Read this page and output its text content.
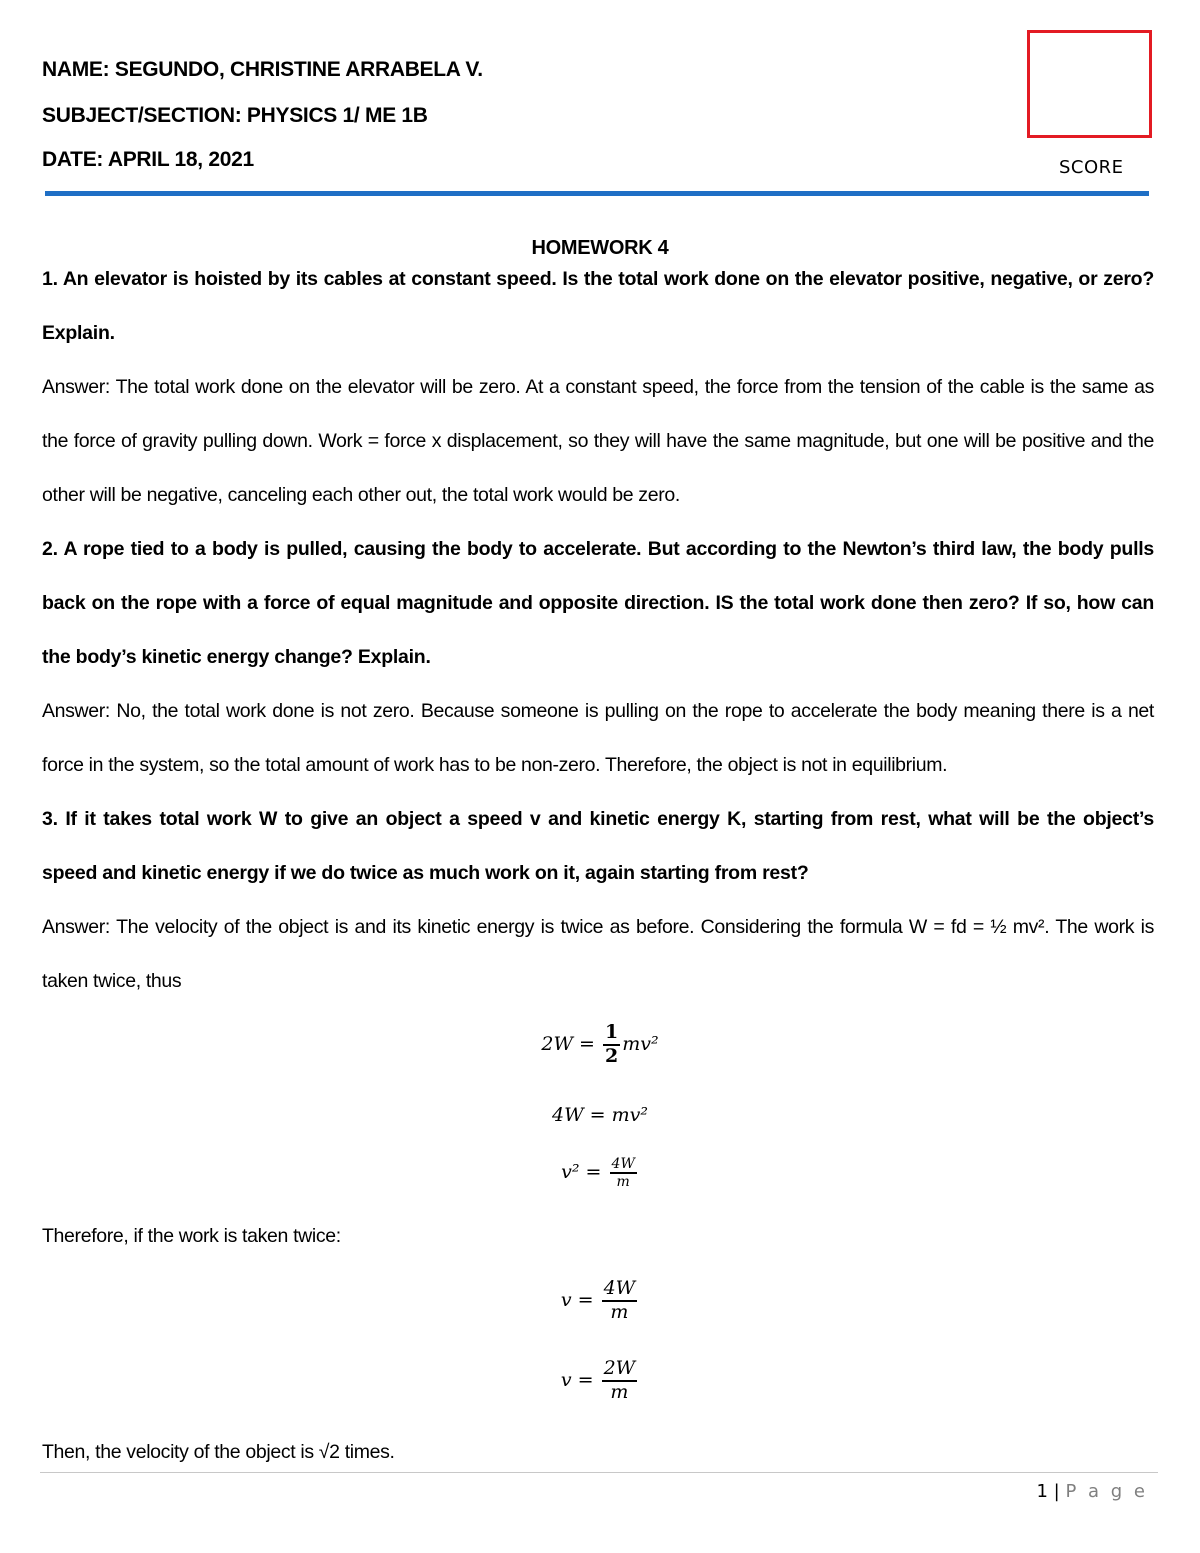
NAME: SEGUNDO, CHRISTINE ARRABELA V.
SUBJECT/SECTION: PHYSICS 1/ ME 1B
DATE: APRIL 18, 2021	SCORE
HOMEWORK 4
1. An elevator is hoisted by its cables at constant speed. Is the total work done on the elevator positive, negative, or zero? Explain.
Answer: The total work done on the elevator will be zero. At a constant speed, the force from the tension of the cable is the same as the force of gravity pulling down. Work = force x displacement, so they will have the same magnitude, but one will be positive and the other will be negative, canceling each other out, the total work would be zero.
2. A rope tied to a body is pulled, causing the body to accelerate. But according to the Newton’s third law, the body pulls back on the rope with a force of equal magnitude and opposite direction. IS the total work done then zero? If so, how can the body’s kinetic energy change? Explain.
Answer: No, the total work done is not zero. Because someone is pulling on the rope to accelerate the body meaning there is a net force in the system, so the total amount of work has to be non-zero. Therefore, the object is not in equilibrium.
3. If it takes total work W to give an object a speed v and kinetic energy K, starting from rest, what will be the object’s speed and kinetic energy if we do twice as much work on it, again starting from rest?
Answer: The velocity of the object is and its kinetic energy is twice as before. Considering the formula W = fd = ½ mv². The work is taken twice, thus
$2W = \frac{1}{2} mv^2$
4W = mv²
$v^2 = \frac{4W}{m}$
$v = \frac{4W}{m}$
$v = \frac{2W}{m}$
Therefore, if the work is taken twice:
Then, the velocity of the object is √2 times.
1 | P a g e
